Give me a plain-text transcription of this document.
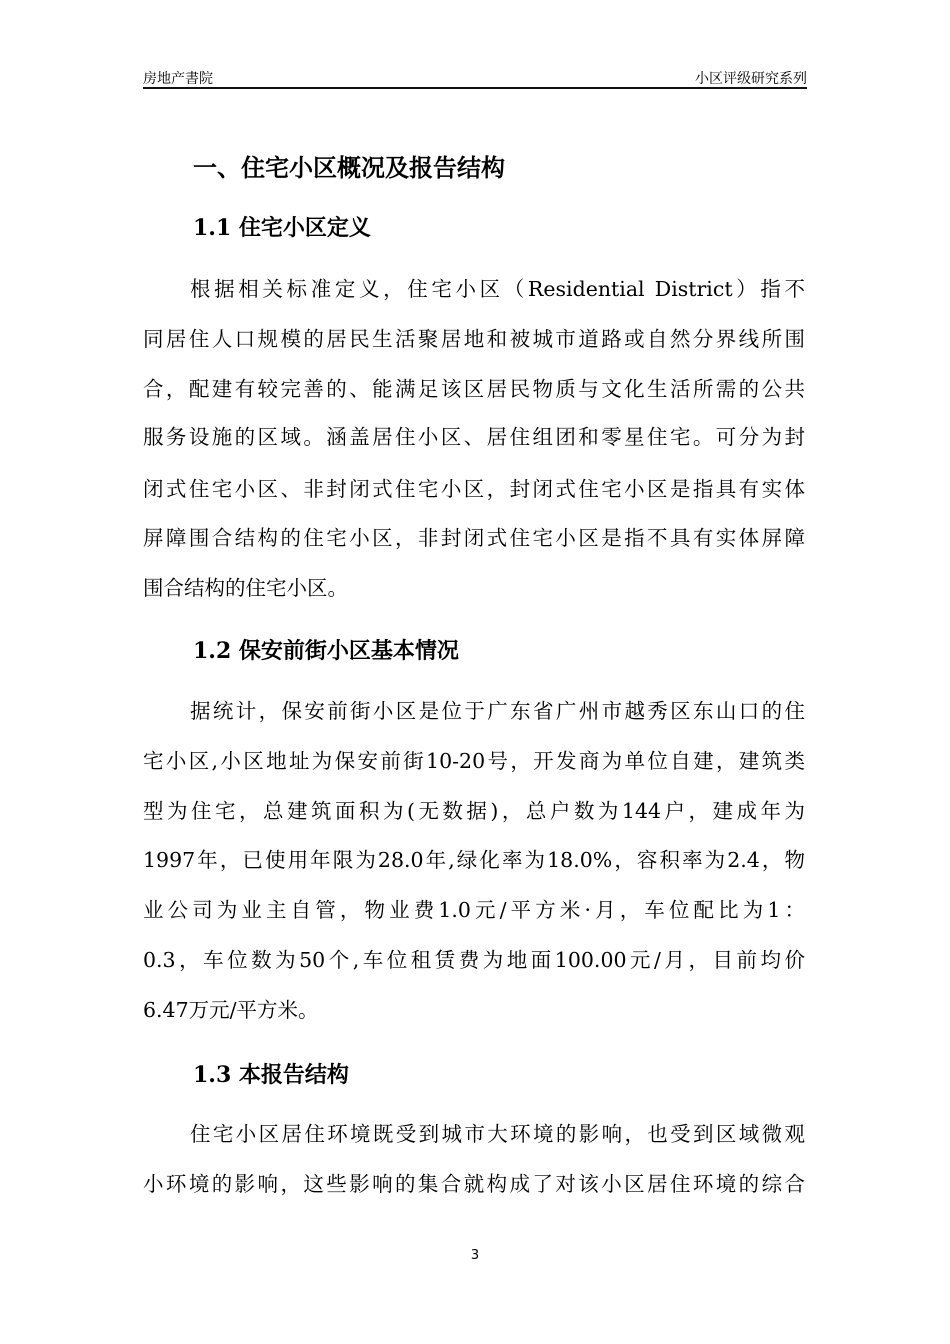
房地产書院	小区评级研究系列
一、住宅小区概况及报告结构
3
1.1 住宅小区定义
根据相关标准定义，住宅小区（Residential District）指不
同居住人口规模的居民生活聚居地和被城市道路或自然分界线所围
合，配建有较完善的、能满足该区居民物质与文化生活所需的公共
服务设施的区域。涵盖居住小区、居住组团和零星住宅。可分为封
闭式住宅小区、非封闭式住宅小区，封闭式住宅小区是指具有实体
屏障围合结构的住宅小区，非封闭式住宅小区是指不具有实体屏障
围合结构的住宅小区。
1.2 保安前街小区基本情况
据统计，保安前街小区是位于广东省广州市越秀区东山口的住
宅小区,小区地址为保安前街10-20号，开发商为单位自建，建筑类
型为住宅，总建筑面积为(无数据)，总户数为144户，建成年为
1997年，已使用年限为28.0年,绿化率为18.0%，容积率为2.4，物
业公司为业主自管，物业费1.0元/平方米·月，车位配比为1：
0.3，车位数为50个,车位租赁费为地面100.00元/月，目前均价
6.47万元/平方米。
1.3 本报告结构
住宅小区居住环境既受到城市大环境的影响，也受到区域微观
小环境的影响，这些影响的集合就构成了对该小区居住环境的综合
